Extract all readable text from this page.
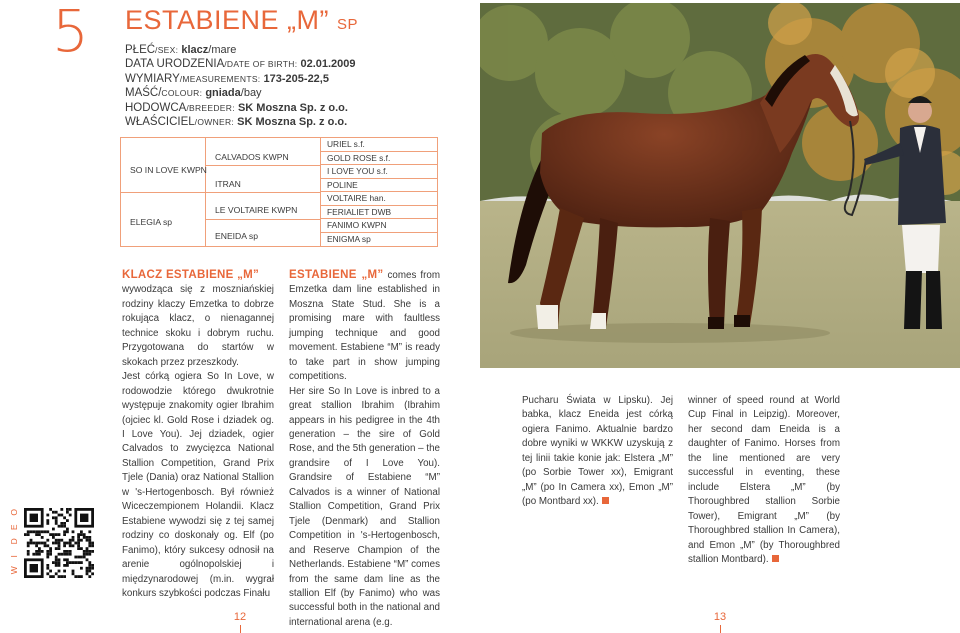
5 ESTABIENE „M” SP
PŁEĆ/SEX: klacz/mare
DATA URODZENIA/DATE OF BIRTH: 02.01.2009
WYMIARY/MEASUREMENTS: 173-205-22,5
MAŚĆ/COLOUR: gniada/bay
HODOWCA/BREEDER: SK Moszna Sp. z o.o.
WŁAŚCICIEL/OWNER: SK Moszna Sp. z o.o.
SO IN LOVE KWPN
ELEGIA sp
CALVADOS KWPN
ITRAN
LE VOLTAIRE KWPN
ENEIDA sp
URIEL s.f.
GOLD ROSE s.f.
I LOVE YOU s.f.
POLINE
VOLTAIRE han.
FERIALIET DWB
FANIMO KWPN
ENIGMA sp
KLACZ ESTABIENE „M”
wywodząca się z moszniańskiej rodziny klaczy Emzetka to dobrze rokująca klacz, o nienagannej technice skoku i dobrym ruchu. Przygotowana do startów w skokach przez przeszkody.
Jest córką ogiera So In Love, w rodowodzie którego dwukrotnie występuje znakomity ogier Ibrahim (ojciec kl. Gold Rose i dziadek og. I Love You). Jej dziadek, ogier Calvados to zwycięzca National Stallion Competition, Grand Prix Tjele (Dania) oraz National Stallion w 's-Hertogenbosch. Był również Wiceczempionem Holandii. Klacz Estabiene wywodzi się z tej samej rodziny co doskonały og. Elf (po Fanimo), który sukcesy odnosił na arenie ogólnopolskiej i międzynarodowej (m.in. wygrał konkurs szybkości podczas Finału
ESTABIENE „M” comes from Emzetka dam line established in Moszna State Stud. She is a promising mare with faultless jumping technique and good movement. Estabiene “M” is ready to take part in show jumping competitions.
Her sire So In Love is inbred to a great stallion Ibrahim (Ibrahim appears in his pedigree in the 4th generation – the sire of Gold Rose, and the 5th generation – the grandsire of I Love You). Grandsire of Estabiene “M” Calvados is a winner of National Stallion Competition, Grand Prix Tjele (Denmark) and Stallion Competition in 's-Hertogenbosch, and Reserve Champion of the Netherlands. Estabiene “M” comes from the same dam line as the stallion Elf (by Fanimo) who was successful both in the national and international arena (e.g.
Pucharu Świata w Lipsku). Jej babka, klacz Eneida jest córką ogiera Fanimo. Aktualnie bardzo dobre wyniki w WKKW uzyskują z tej linii takie konie jak: Elstera „M” (po Sorbie Tower xx), Emigrant „M” (po In Camera xx), Emon „M” (po Montbard xx).
winner of speed round at World Cup Final in Leipzig). Moreover, her second dam Eneida is a daughter of Fanimo. Horses from the line mentioned are very successful in eventing, these include Elstera „M” (by Thoroughbred stallion Sorbie Tower), Emigrant „M” (by Thoroughbred stallion In Camera), and Emon „M” (by Thoroughbred stallion Montbard).
O
E
D
I
W
12	13
